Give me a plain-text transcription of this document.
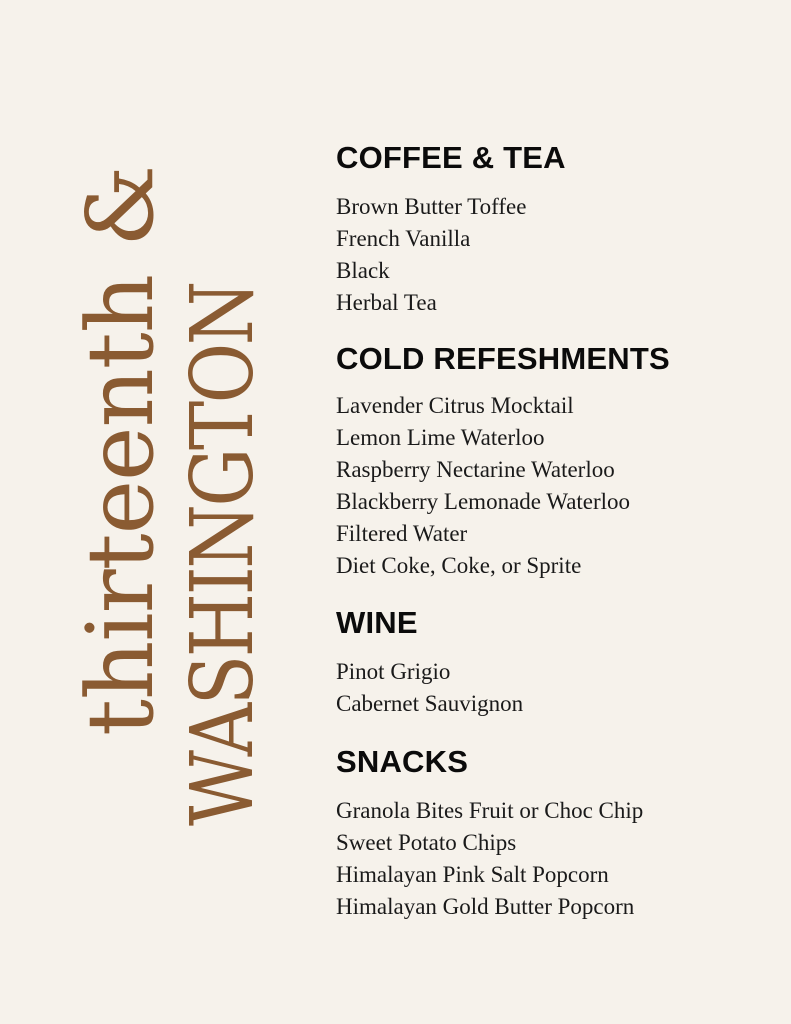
thirteenth & WASHINGTON
COFFEE & TEA
Brown Butter Toffee
French Vanilla
Black
Herbal Tea
COLD REFESHMENTS
Lavender Citrus Mocktail
Lemon Lime Waterloo
Raspberry Nectarine Waterloo
Blackberry Lemonade Waterloo
Filtered Water
Diet Coke, Coke, or Sprite
WINE
Pinot Grigio
Cabernet Sauvignon
SNACKS
Granola Bites Fruit or Choc Chip
Sweet Potato Chips
Himalayan Pink Salt Popcorn
Himalayan Gold Butter Popcorn
